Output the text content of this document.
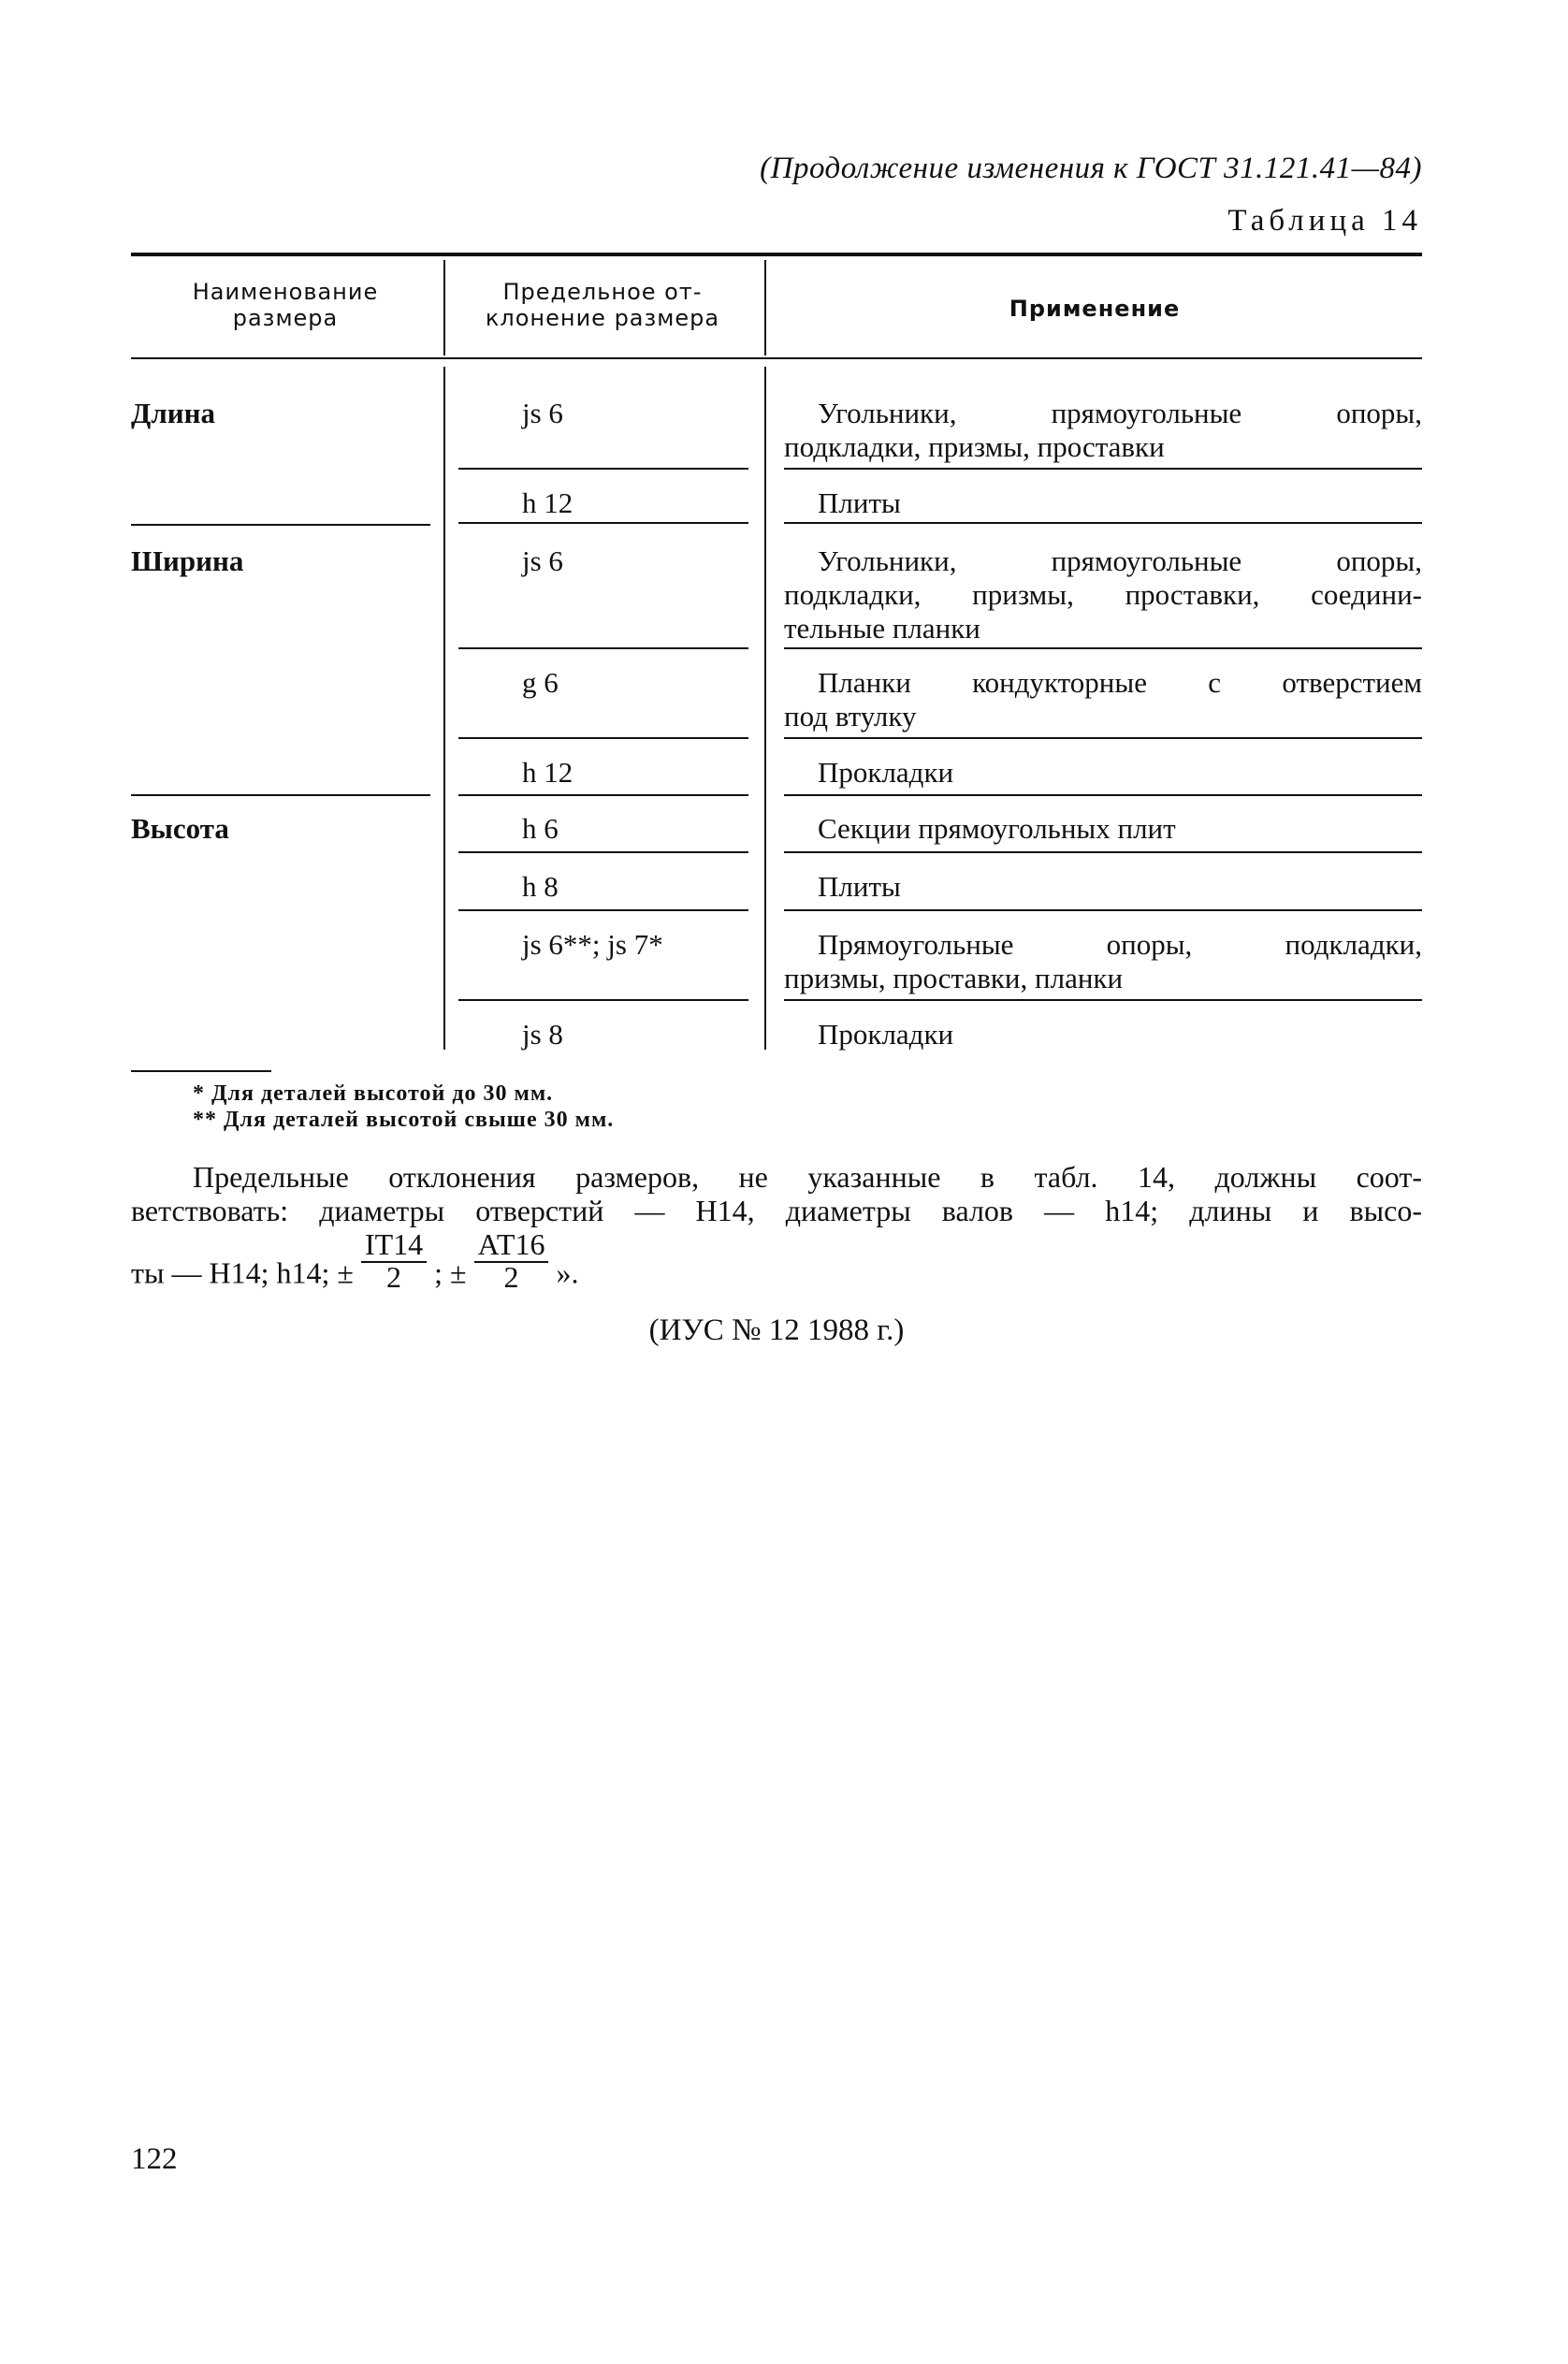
(Продолжение изменения к ГОСТ 31.121.41—84)
Таблица 14
Наименование
размера
Предельное от-
клонение размера	Применение
Длина
Ширина
Высота
js 6
h 12
js 6
g 6
h 12
h 6
h 8
js 6**; js 7*
js 8
Угольники, прямоугольные опоры,
подкладки, призмы, проставки
Плиты
Угольники, прямоугольные опоры,
подкладки, призмы, проставки, соедини-
тельные планки
Планки кондукторные с отверстием
под втулку
Прокладки
Секции прямоугольных плит
Плиты
Прямоугольные опоры, подкладки,
призмы, проставки, планки
Прокладки
* Для деталей высотой до 30 мм.
** Для деталей высотой свыше 30 мм.
Предельные отклонения размеров, не указанные в табл. 14, должны соот-
ветствовать: диаметры отверстий — Н14, диаметры валов — h14; длины и высо-
ты — Н14; h14; ± $\frac{IT14}{2}$ ; ± $\frac{АТ16}{2}$ ».
(ИУС № 12 1988 г.)
122
